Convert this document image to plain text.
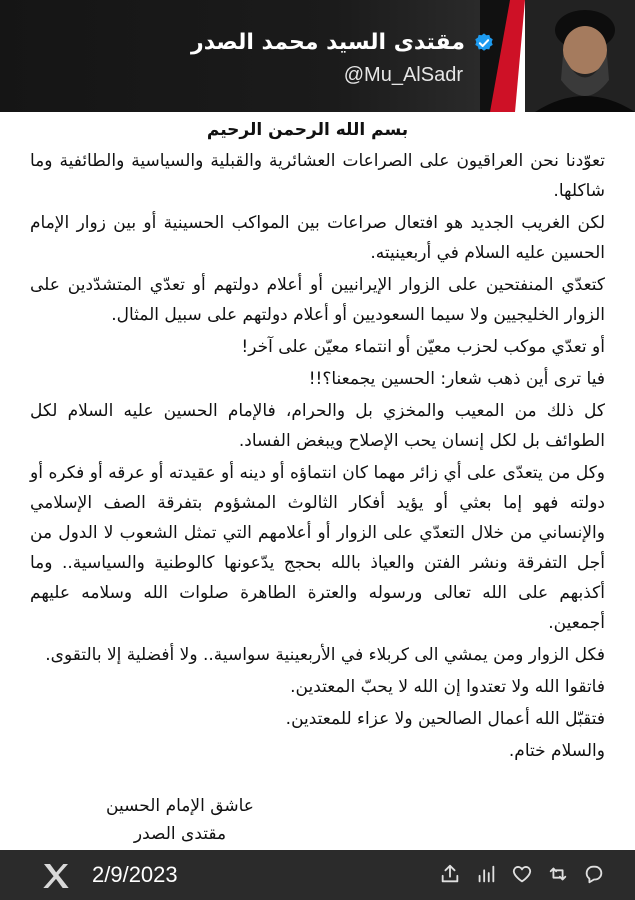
مقتدى السيد محمد الصدر
@Mu_AlSadr
بسم الله الرحمن الرحيم

تعوّدنا نحن العراقيون على الصراعات العشائرية والقبلية والسياسية والطائفية وما شاكلها.

لكن الغريب الجديد هو افتعال صراعات بين المواكب الحسينية أو بين زوار الإمام الحسين عليه السلام في أربعينيته.

كتعدّي المنفتحين على الزوار الإيرانيين أو أعلام دولتهم أو تعدّي المتشدّدين على الزوار الخليجيين ولا سيما السعوديين أو أعلام دولتهم على سبيل المثال.

أو تعدّي موكب لحزب معيّن أو انتماء معيّن على آخر!

فيا ترى أين ذهب شعار: الحسين يجمعنا؟!!

كل ذلك من المعيب والمخزي بل والحرام، فالإمام الحسين عليه السلام لكل الطوائف بل لكل إنسان يحب الإصلاح ويبغض الفساد.

وكل من يتعدّى على أي زائر مهما كان انتماؤه أو دينه أو عقيدته أو عرقه أو فكره أو دولته فهو إما بعثي أو يؤيد أفكار الثالوث المشؤوم بتفرقة الصف الإسلامي والإنساني من خلال التعدّي على الزوار أو أعلامهم التي تمثل الشعوب لا الدول من أجل التفرقة ونشر الفتن والعياذ بالله بحجج يدّعونها كالوطنية والسياسية.. وما أكذبهم على الله تعالى ورسوله والعترة الطاهرة صلوات الله وسلامه عليهم أجمعين.

فكل الزوار ومن يمشي الى كربلاء في الأربعينية سواسية.. ولا أفضلية إلا بالتقوى.

فاتقوا الله ولا تعتدوا إن الله لا يحبّ المعتدين.

فتقبّل الله أعمال الصالحين ولا عزاء للمعتدين.

والسلام ختام.

عاشق الإمام الحسين
مقتدى الصدر
2/9/2023
